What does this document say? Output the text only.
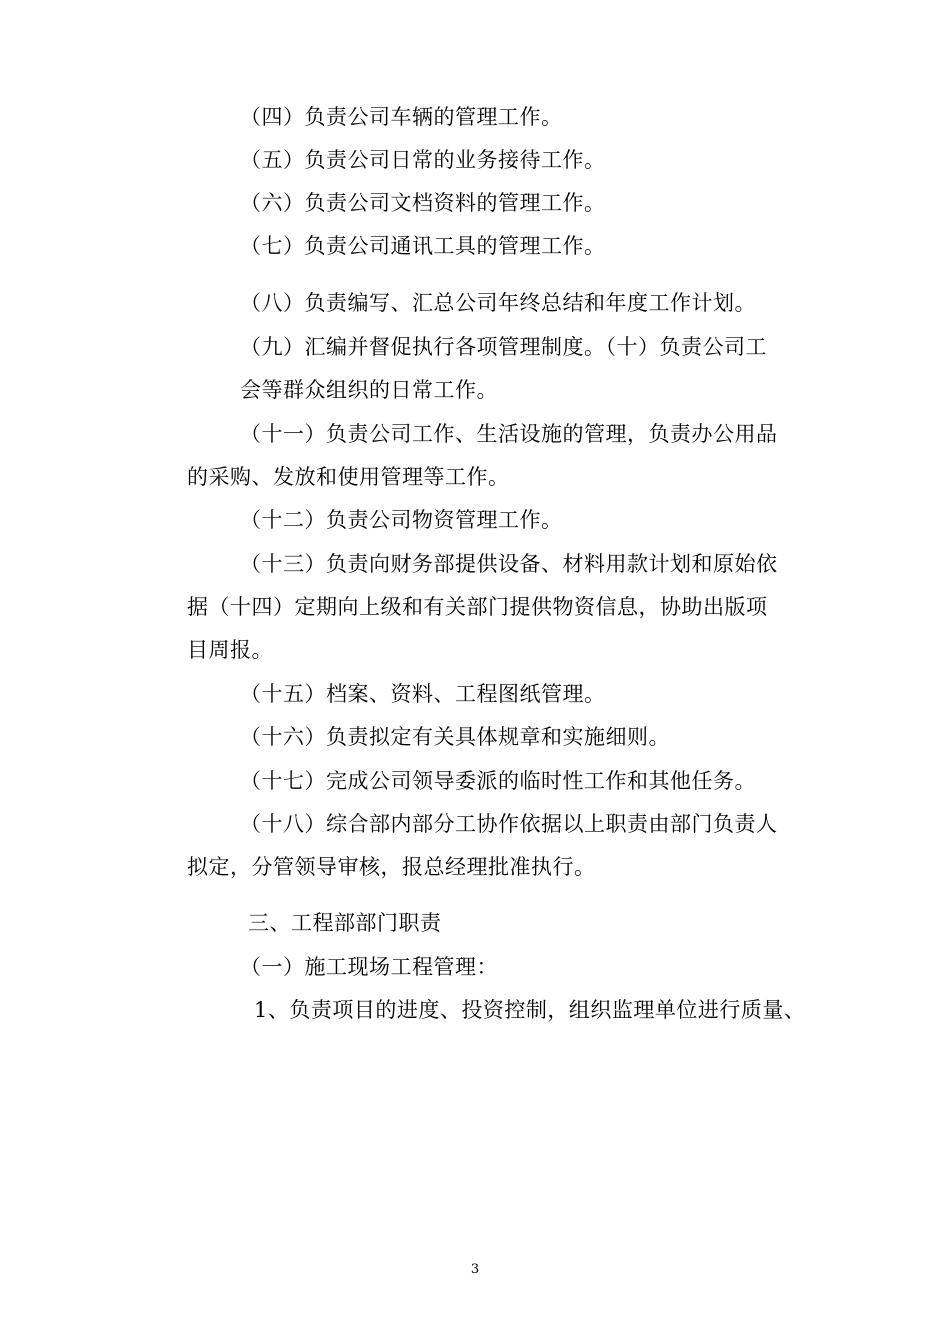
（四）负责公司车辆的管理工作。
（五）负责公司日常的业务接待工作。
（六）负责公司文档资料的管理工作。
（七）负责公司通讯工具的管理工作。
（八）负责编写、汇总公司年终总结和年度工作计划。
（九）汇编并督促执行各项管理制度。（十）负责公司工
会等群众组织的日常工作。
（十一）负责公司工作、生活设施的管理，负责办公用品
的采购、发放和使用管理等工作。
（十二）负责公司物资管理工作。
（十三）负责向财务部提供设备、材料用款计划和原始依
据（十四）定期向上级和有关部门提供物资信息，协助出版项
目周报。
（十五）档案、资料、工程图纸管理。
（十六）负责拟定有关具体规章和实施细则。
（十七）完成公司领导委派的临时性工作和其他任务。
（十八）综合部内部分工协作依据以上职责由部门负责人
拟定，分管领导审核，报总经理批准执行。
三、工程部部门职责
（一）施工现场工程管理：
1、负责项目的进度、投资控制，组织监理单位进行质量、
3
